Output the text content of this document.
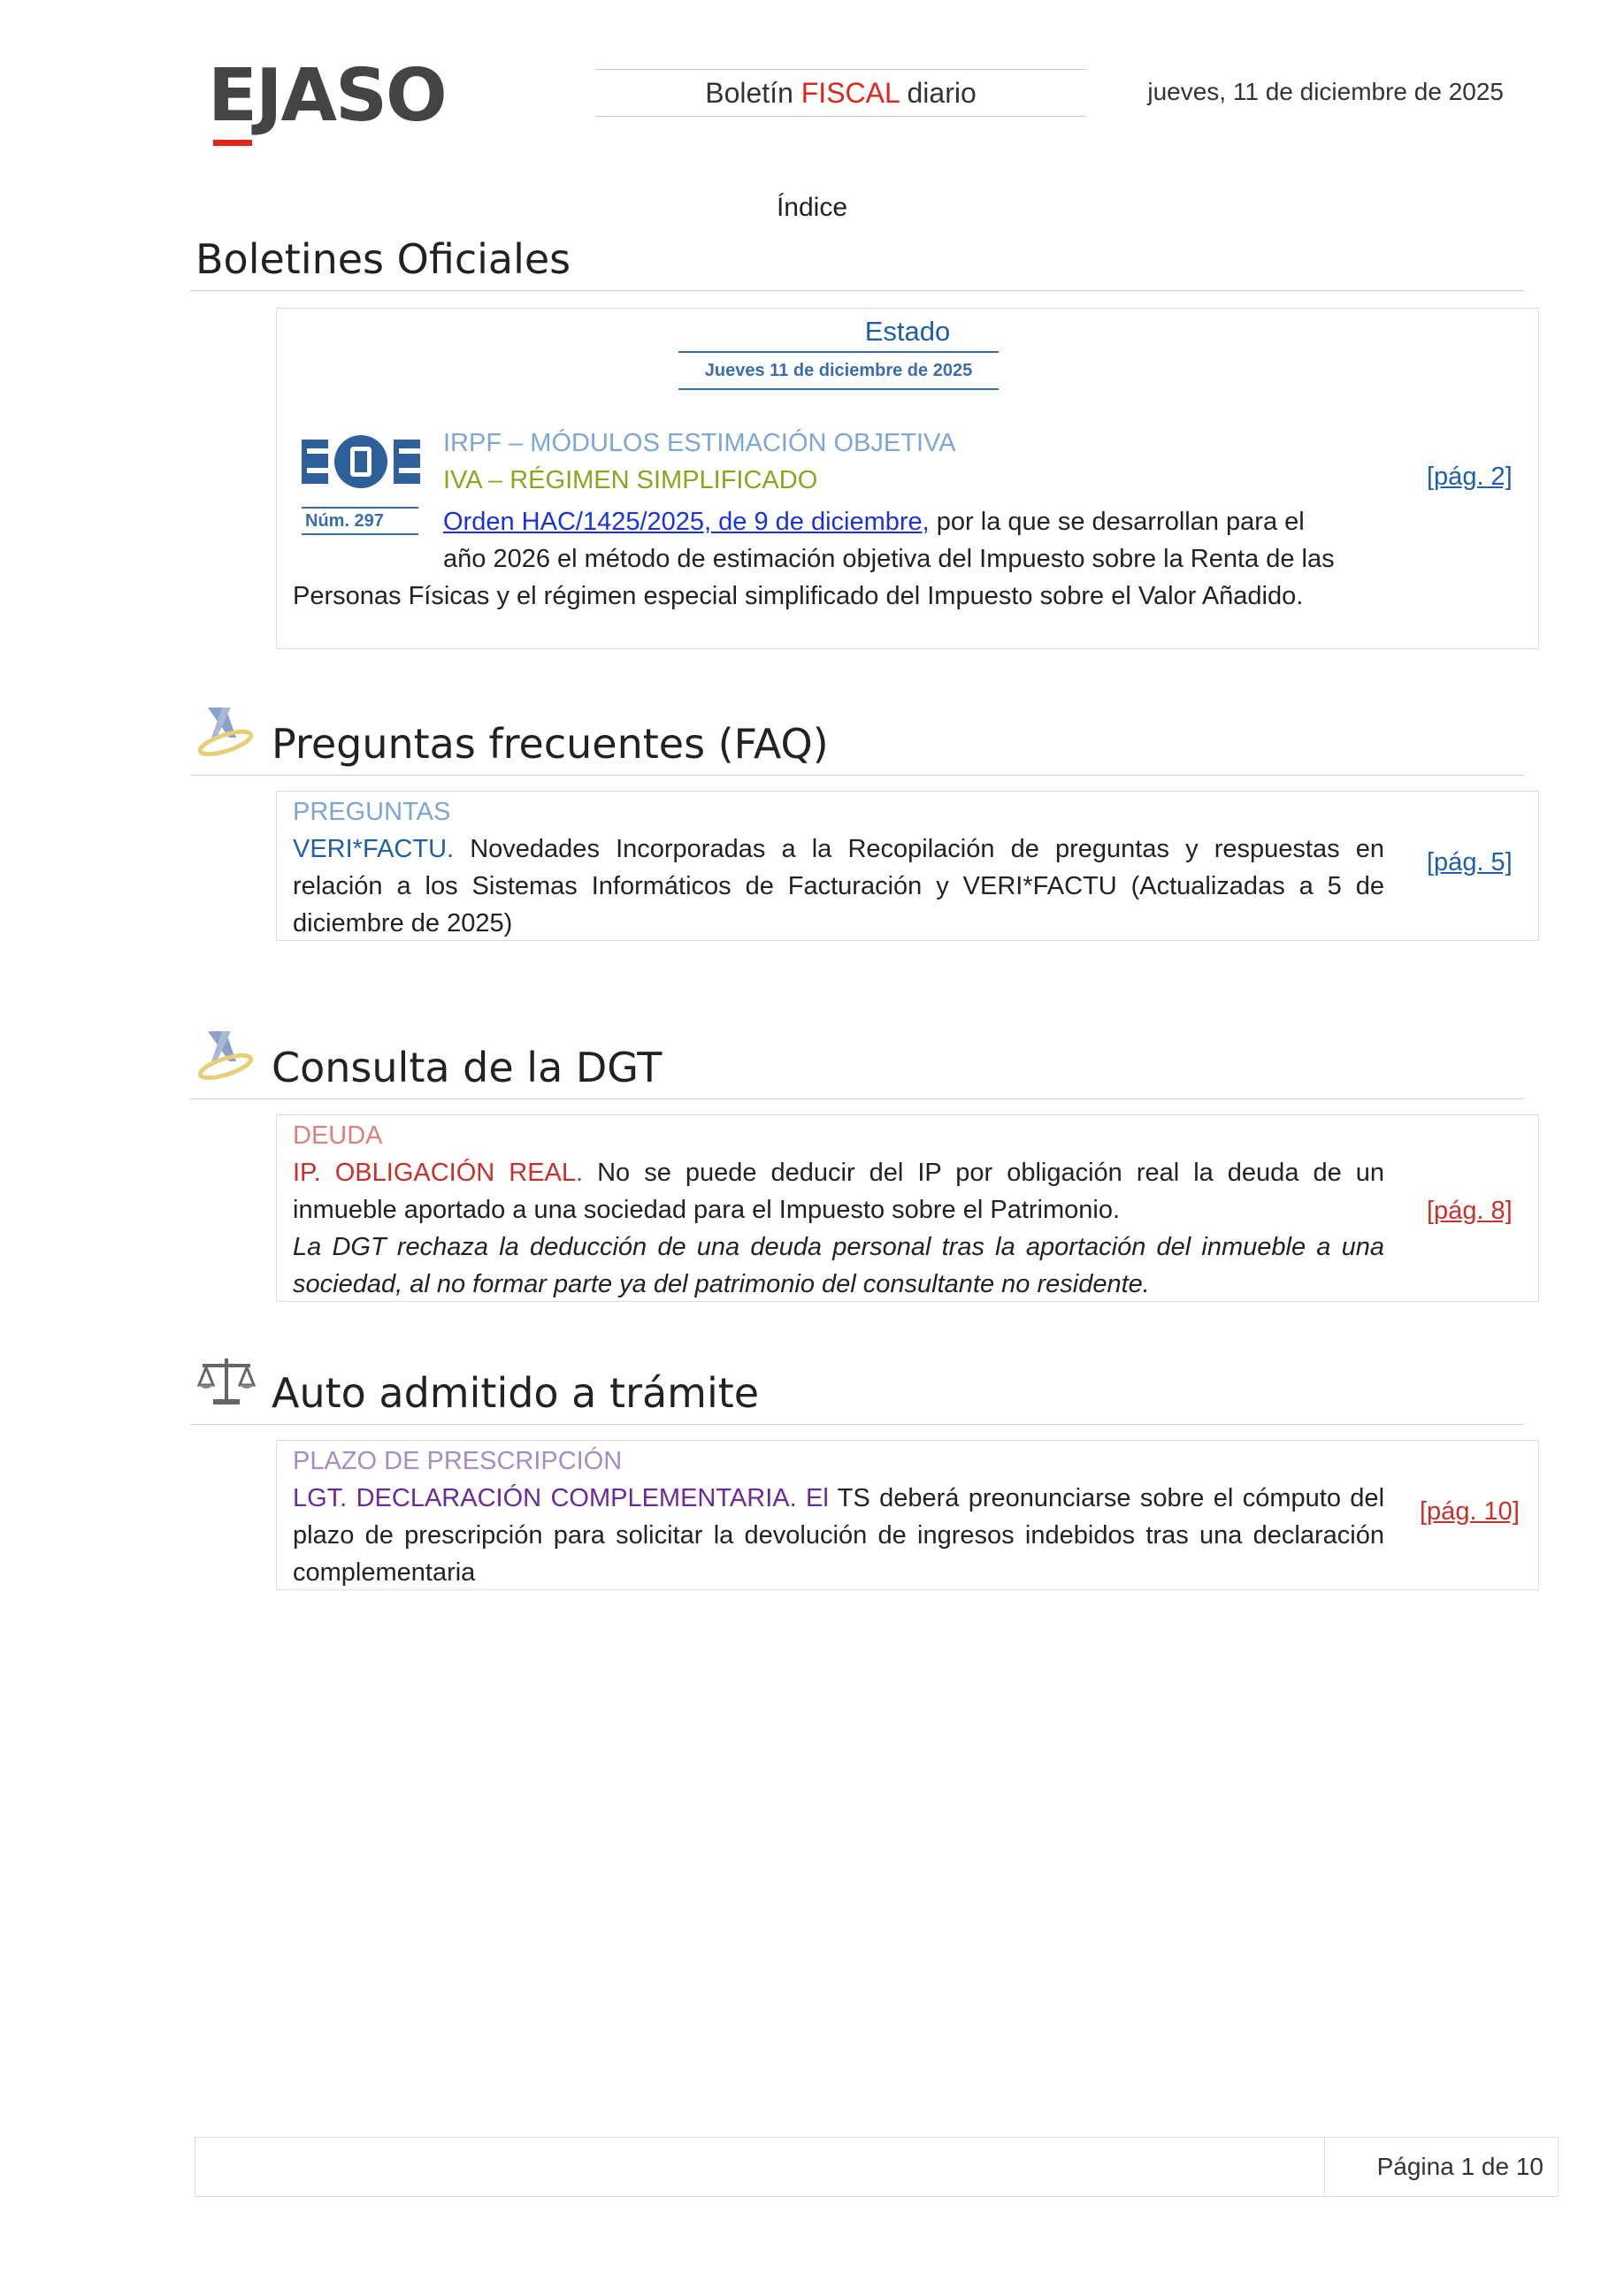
EJASO	Boletín FISCAL diario	jueves, 11 de diciembre de 2025
Índice
Boletines Oficiales
Estado
Jueves 11 de diciembre de 2025
Núm. 297
IRPF – MÓDULOS ESTIMACIÓN OBJETIVA
IVA – RÉGIMEN SIMPLIFICADO
Orden HAC/1425/2025, de 9 de diciembre, por la que se desarrollan para el
año 2026 el método de estimación objetiva del Impuesto sobre la Renta de las
Personas Físicas y el régimen especial simplificado del Impuesto sobre el Valor Añadido.
[pág. 2]
Preguntas frecuentes (FAQ)
PREGUNTAS
VERI*FACTU. Novedades Incorporadas a la Recopilación de preguntas y respuestas en relación a los Sistemas Informáticos de Facturación y VERI*FACTU (Actualizadas a 5 de diciembre de 2025)
[pág. 5]
Consulta de la DGT
DEUDA
IP. OBLIGACIÓN REAL. No se puede deducir del IP por obligación real la deuda de un inmueble aportado a una sociedad para el Impuesto sobre el Patrimonio.
La DGT rechaza la deducción de una deuda personal tras la aportación del inmueble a una sociedad, al no formar parte ya del patrimonio del consultante no residente.
[pág. 8]
Auto admitido a trámite
PLAZO DE PRESCRIPCIÓN
LGT. DECLARACIÓN COMPLEMENTARIA. El TS deberá preonunciarse sobre el cómputo del plazo de prescripción para solicitar la devolución de ingresos indebidos tras una declaración complementaria
[pág. 10]
Página 1 de 10
